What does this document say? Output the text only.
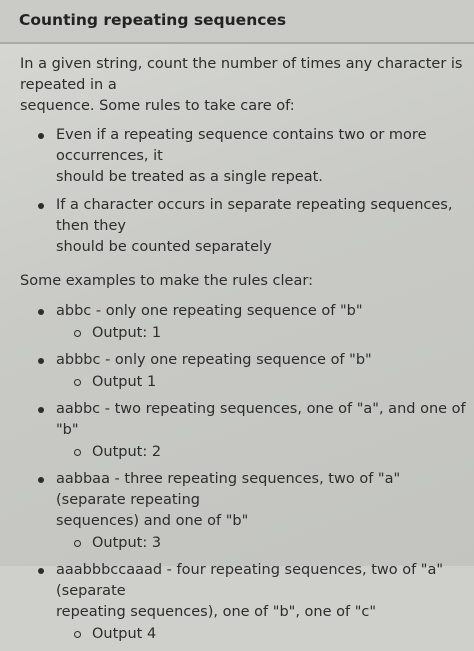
Counting repeating sequences

In a given string, count the number of times any character is repeated in a
sequence. Some rules to take care of:

Even if a repeating sequence contains two or more occurrences, it
should be treated as a single repeat.
If a character occurs in separate repeating sequences, then they
should be counted separately

Some examples to make the rules clear:

abbc - only one repeating sequence of "b"
Output: 1
abbbc - only one repeating sequence of "b"
Output 1
aabbc - two repeating sequences, one of "a", and one of "b"
Output: 2
aabbaa - three repeating sequences, two of "a" (separate repeating
sequences) and one of "b"
Output: 3
aaabbbccaaad - four repeating sequences, two of "a" (separate
repeating sequences), one of "b", one of "c"
Output 4
